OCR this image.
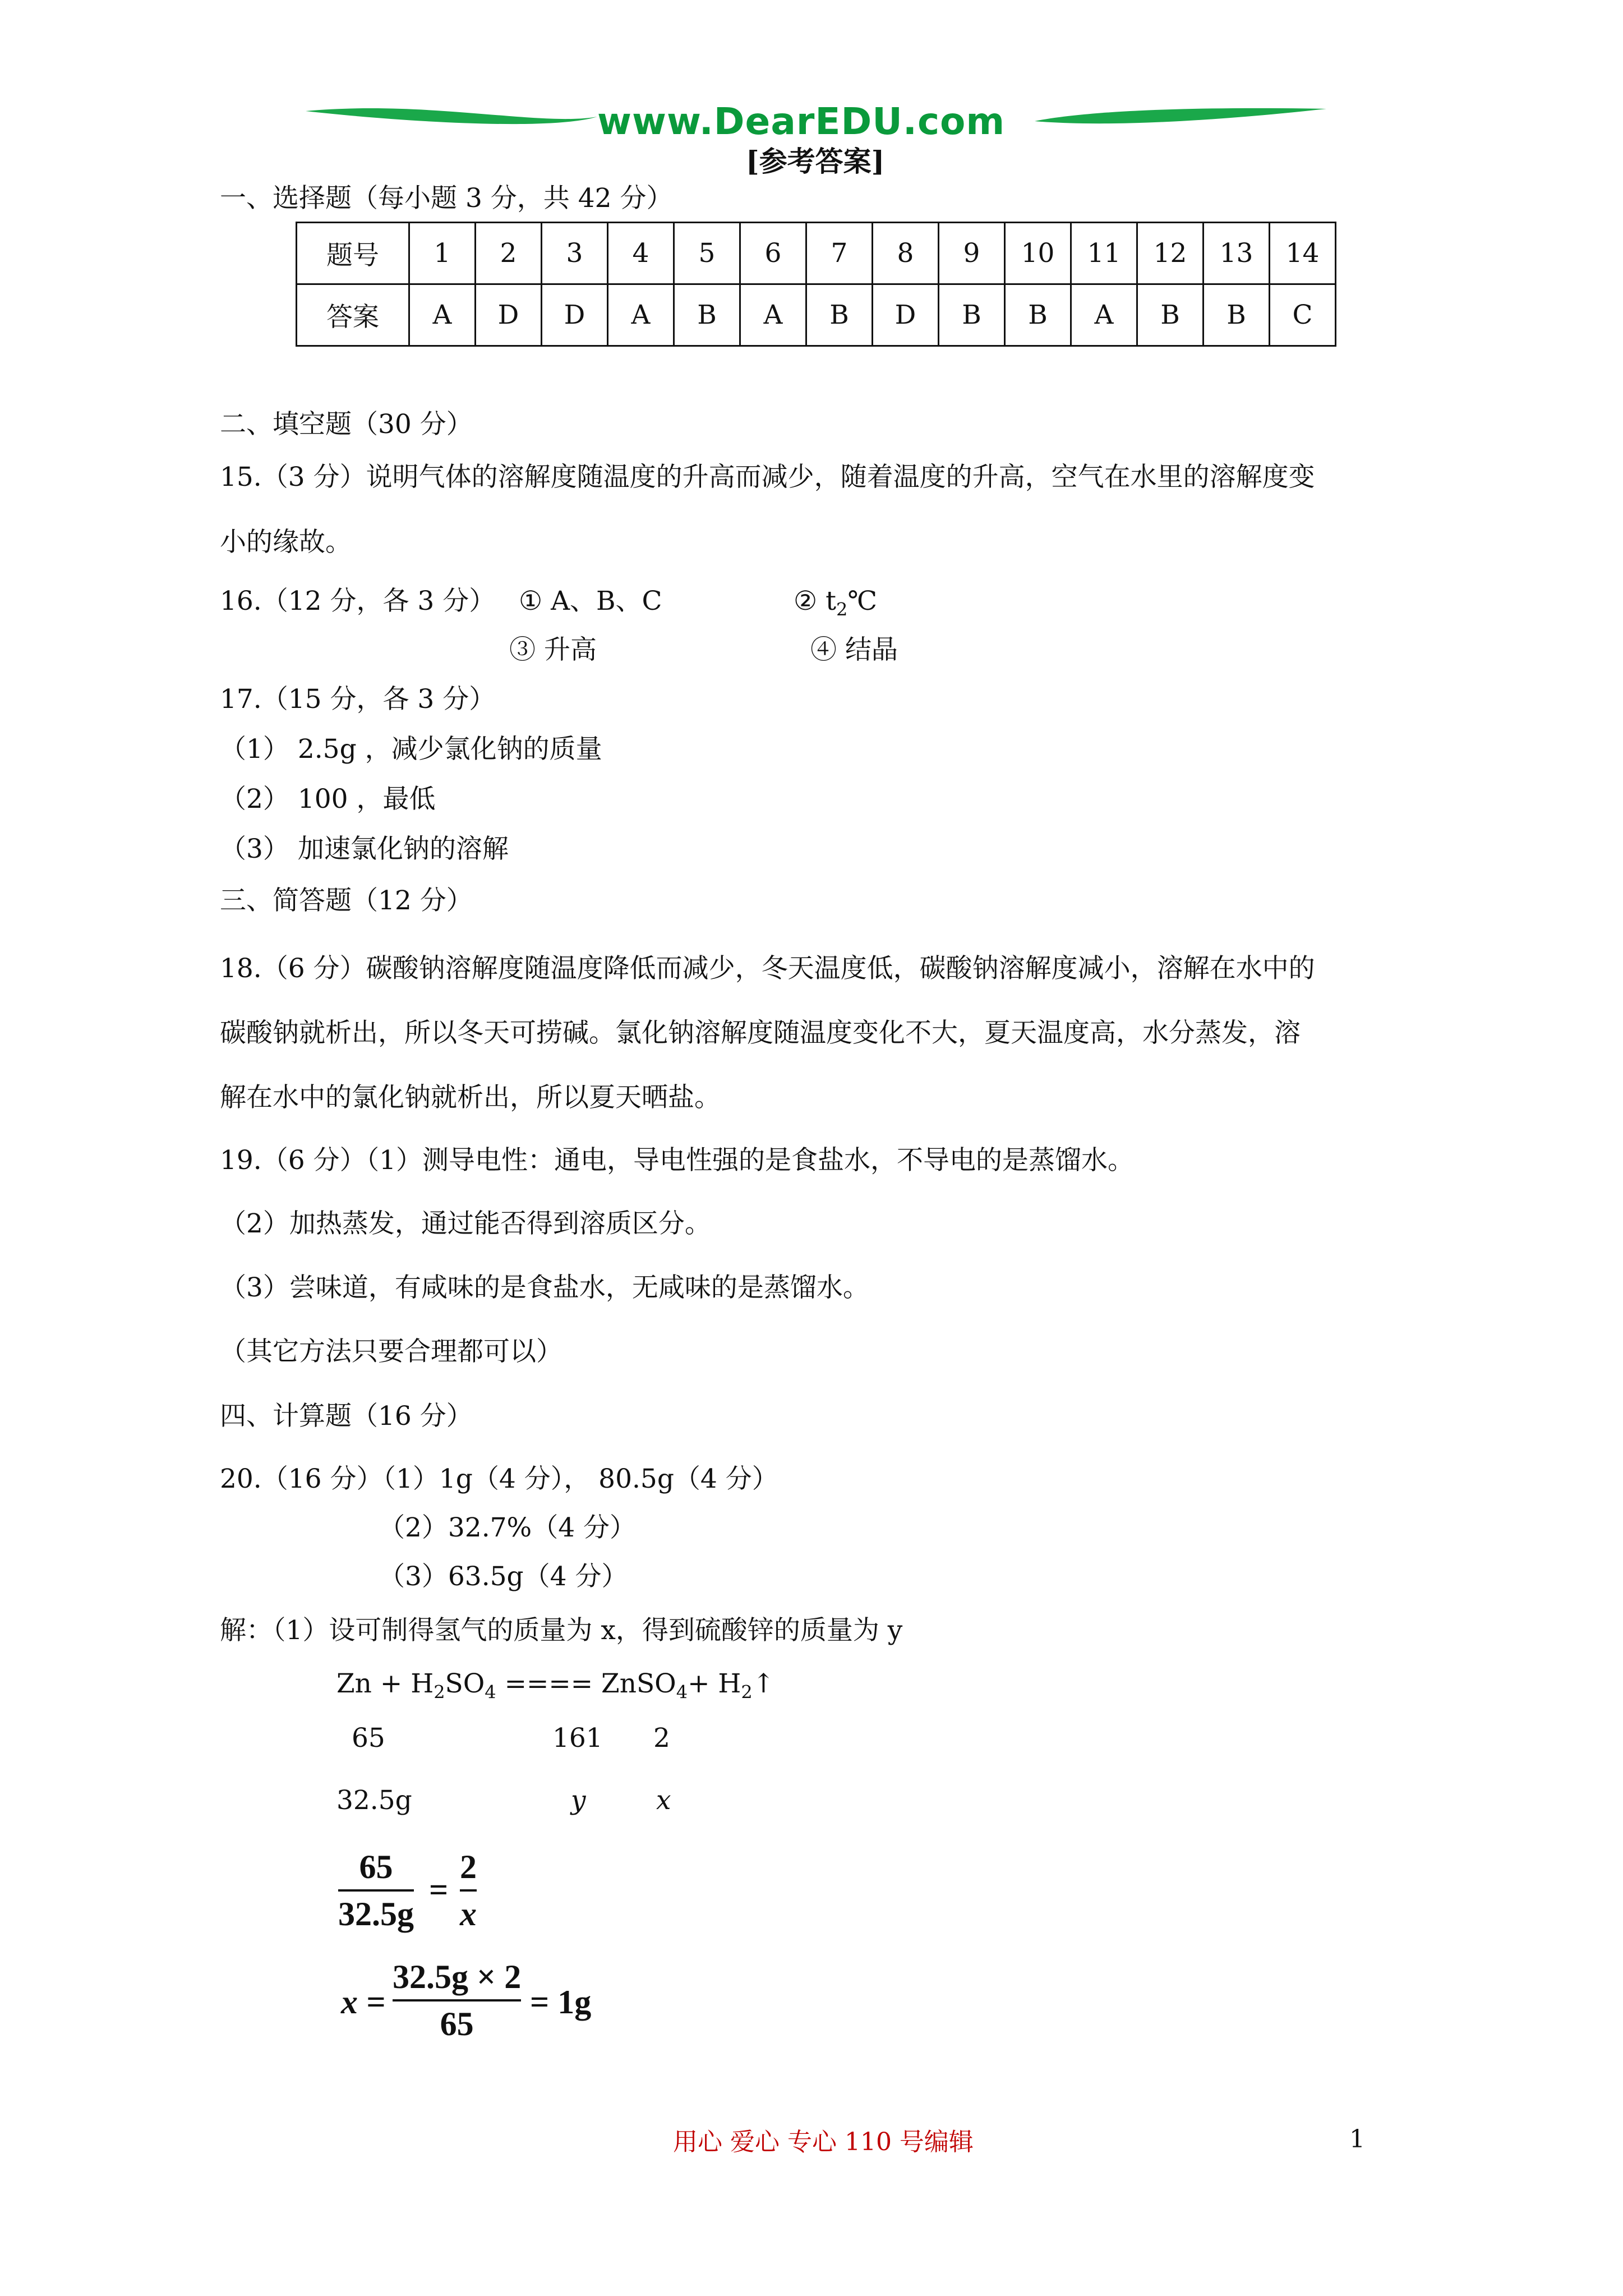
www.DearEDU.com
[参考答案]
一、选择题（每小题 3 分，共 42 分）
题号	1	2	3	4	5	6	7	8	9	10	11	12	13	14
答案	A	D	D	A	B	A	B	D	B	B	A	B	B	C
二、填空题（30 分）
15.（3 分）说明气体的溶解度随温度的升高而减少，随着温度的升高，空气在水里的溶解度变
小的缘故。
16.（12 分，各 3 分） ① A、B、C	② $t_2℃$
③ 升高	④ 结晶
17.（15 分，各 3 分）
（1） 2.5g ，减少氯化钠的质量
（2） 100 ，最低
（3） 加速氯化钠的溶解
三、简答题（12 分）
18.（6 分）碳酸钠溶解度随温度降低而减少，冬天温度低，碳酸钠溶解度减小，溶解在水中的
碳酸钠就析出，所以冬天可捞碱。氯化钠溶解度随温度变化不大，夏天温度高，水分蒸发，溶
解在水中的氯化钠就析出，所以夏天晒盐。
19.（6 分）（1）测导电性：通电，导电性强的是食盐水，不导电的是蒸馏水。
（2）加热蒸发，通过能否得到溶质区分。
（3）尝味道，有咸味的是食盐水，无咸味的是蒸馏水。
（其它方法只要合理都可以）
四、计算题（16 分）
20.（16 分）（1）1g（4 分）， 80.5g（4 分）
（2）32.7%（4 分）
（3）63.5g（4 分）
解：（1）设可制得氢气的质量为 x，得到硫酸锌的质量为 y
$Zn + H_2SO_4$ ==== ZnSO$_4$+ $H_2↑$
65	161 2
32.5g	y	x
65
32.5g
=
2
x
x =
32.5g × 2
65
= 1g
用心 爱心 专心 110 号编辑	1
